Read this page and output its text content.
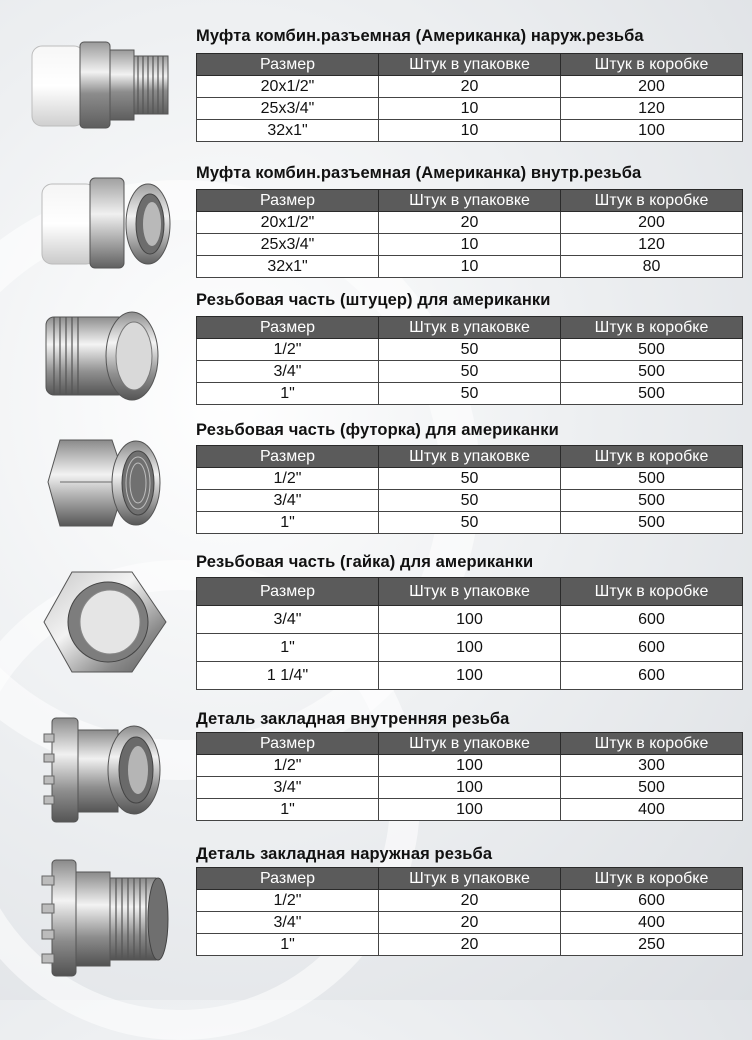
Муфта комбин.разъемная (Американка) наруж.резьба
Размер	Штук в упаковке	Штук в коробке
20x1/2"	20	200
25x3/4"	10	120
32x1"	10	100
Муфта комбин.разъемная (Американка) внутр.резьба
Размер	Штук в упаковке	Штук в коробке
20x1/2"	20	200
25x3/4"	10	120
32x1"	10	80
Резьбовая часть (штуцер) для американки
Размер	Штук в упаковке	Штук в коробке
1/2"	50	500
3/4"	50	500
1"	50	500
Резьбовая часть (футорка) для американки
Размер	Штук в упаковке	Штук в коробке
1/2"	50	500
3/4"	50	500
1"	50	500
Резьбовая часть (гайка) для американки
Размер	Штук в упаковке	Штук в коробке
3/4"	100	600
1"	100	600
1 1/4"	100	600
Деталь закладная внутренняя резьба
Размер	Штук в упаковке	Штук в коробке
1/2"	100	300
3/4"	100	500
1"	100	400
Деталь закладная наружная резьба
Размер	Штук в упаковке	Штук в коробке
1/2"	20	600
3/4"	20	400
1"	20	250
